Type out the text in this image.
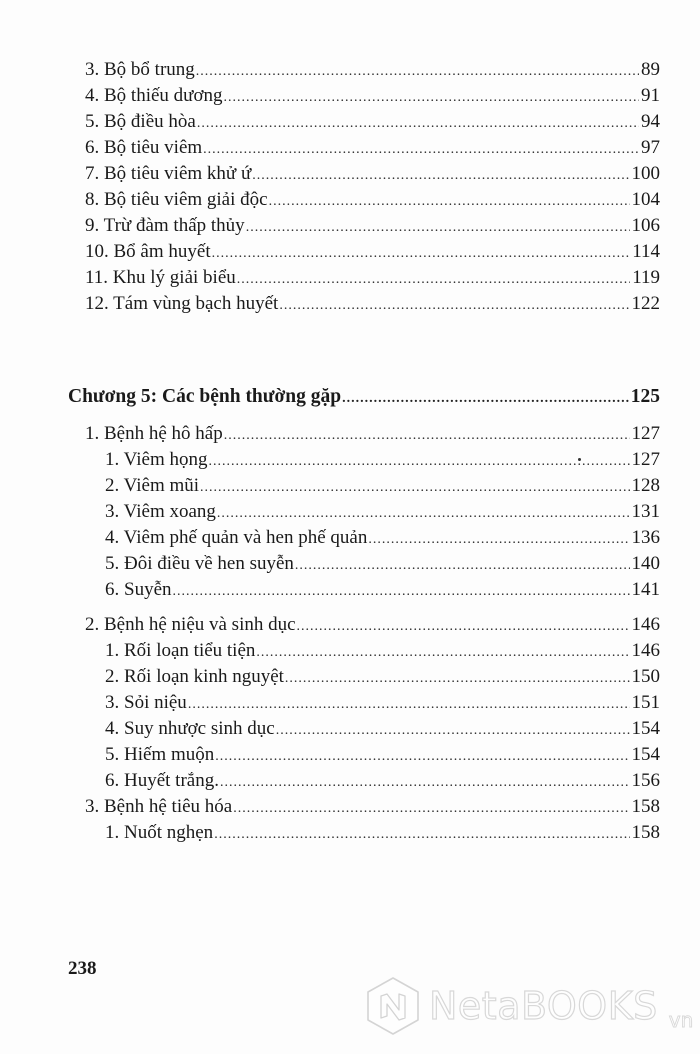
3. Bộ bổ trung .....	89
4. Bộ thiếu dương .....	91
5. Bộ điều hòa .....	94
6. Bộ tiêu viêm .....	97
7. Bộ tiêu viêm khử ứ .....	100
8. Bộ tiêu viêm giải độc .....	104
9. Trừ đàm thấp thủy .....	106
10. Bổ âm huyết .....	114
11. Khu lý giải biểu .....	119
12. Tám vùng bạch huyết .....	122
Chương 5: Các bệnh thường gặp .....	125
1. Bệnh hệ hô hấp .....	127
1. Viêm họng .....	127
2. Viêm mũi .....	128
3. Viêm xoang .....	131
4. Viêm phế quản và hen phế quản .....	136
5. Đôi điều về hen suyễn .....	140
6. Suyễn .....	141
2. Bệnh hệ niệu và sinh dục .....	146
1. Rối loạn tiểu tiện .....	146
2. Rối loạn kinh nguyệt .....	150
3. Sỏi niệu .....	151
4. Suy nhược sinh dục .....	154
5. Hiếm muộn .....	154
6. Huyết trắng. .....	156
3. Bệnh hệ tiêu hóa .....	158
1. Nuốt nghẹn .....	158
238
NetaBOOKS vn
